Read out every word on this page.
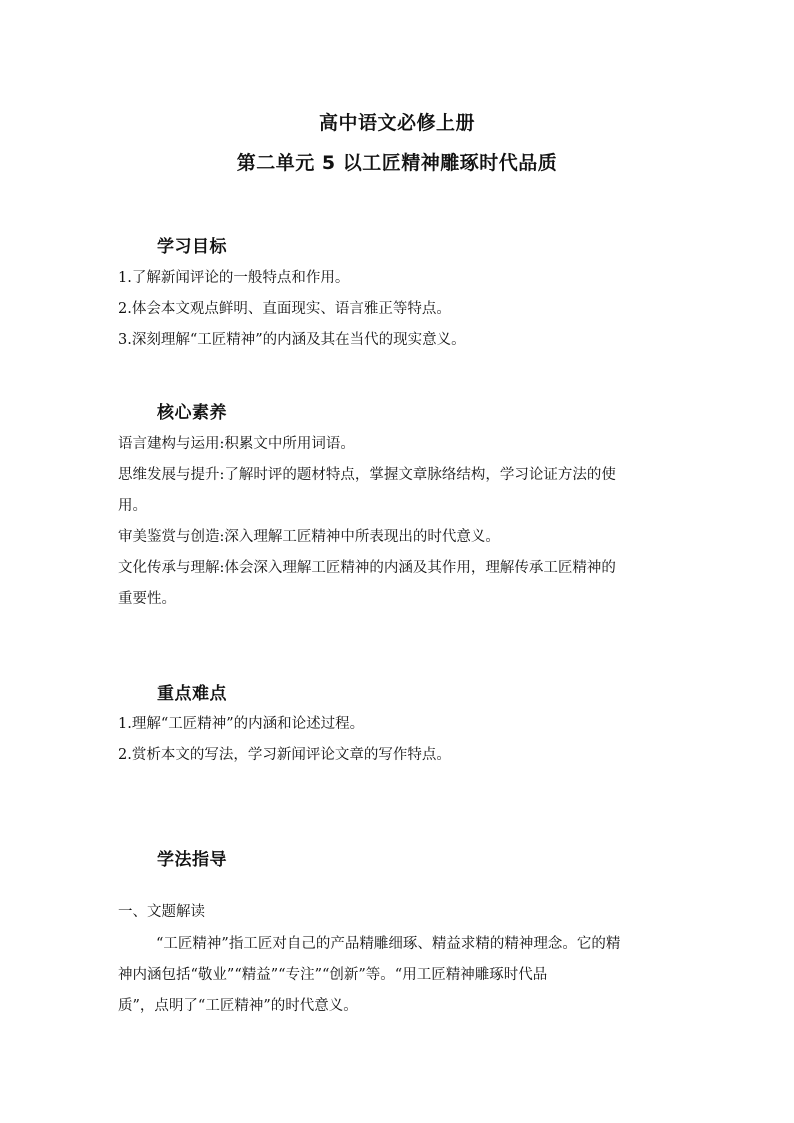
高中语文必修上册
第二单元 5 以工匠精神雕琢时代品质
学习目标
1.了解新闻评论的一般特点和作用。
2.体会本文观点鲜明、直面现实、语言雅正等特点。
3.深刻理解“工匠精神”的内涵及其在当代的现实意义。
核心素养
语言建构与运用:积累文中所用词语。
思维发展与提升:了解时评的题材特点，掌握文章脉络结构，学习论证方法的使
用。
审美鉴赏与创造:深入理解工匠精神中所表现出的时代意义。
文化传承与理解:体会深入理解工匠精神的内涵及其作用，理解传承工匠精神的
重要性。
重点难点
1.理解“工匠精神”的内涵和论述过程。
2.赏析本文的写法，学习新闻评论文章的写作特点。
学法指导
一、文题解读
“工匠精神”指工匠对自己的产品精雕细琢、精益求精的精神理念。它的精
神内涵包括“敬业”“精益”“专注”“创新”等。“用工匠精神雕琢时代品
质”，点明了“工匠精神”的时代意义。
